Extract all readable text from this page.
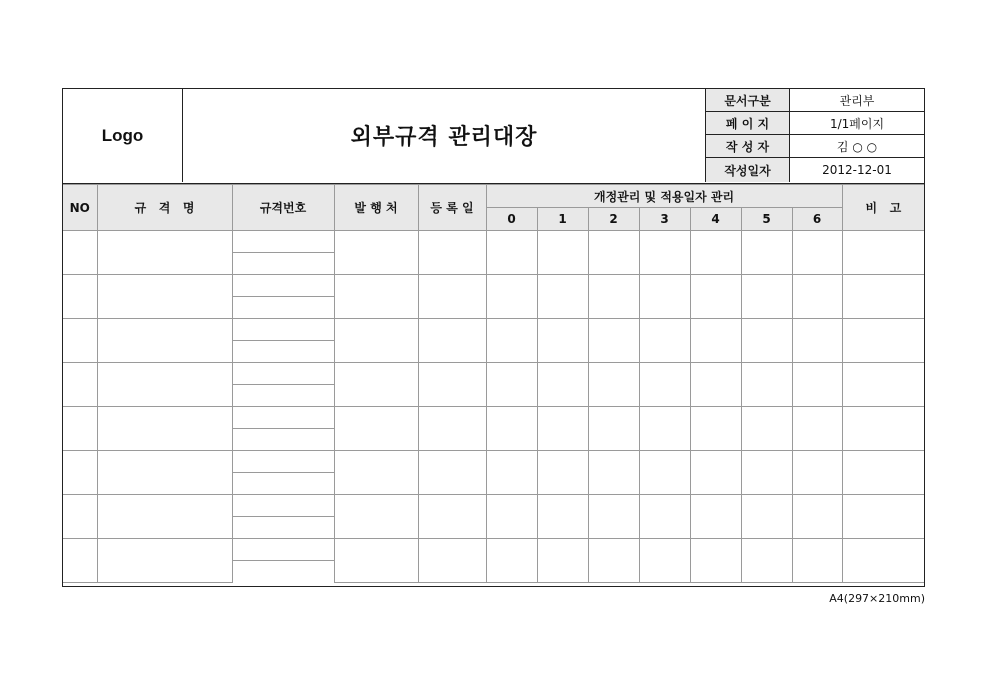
Logo	외부규격 관리대장
문서구분	관리부
페 이 지	1/1페이지
작 성 자	김 ○ ○
작성일자	2012-12-01
NO	규   격   명	규격번호	발 행 처	등 록 일	개정관리 및 적용일자 관리							비   고
					0	1	2	3	4	5	6	

A4(297×210mm)
